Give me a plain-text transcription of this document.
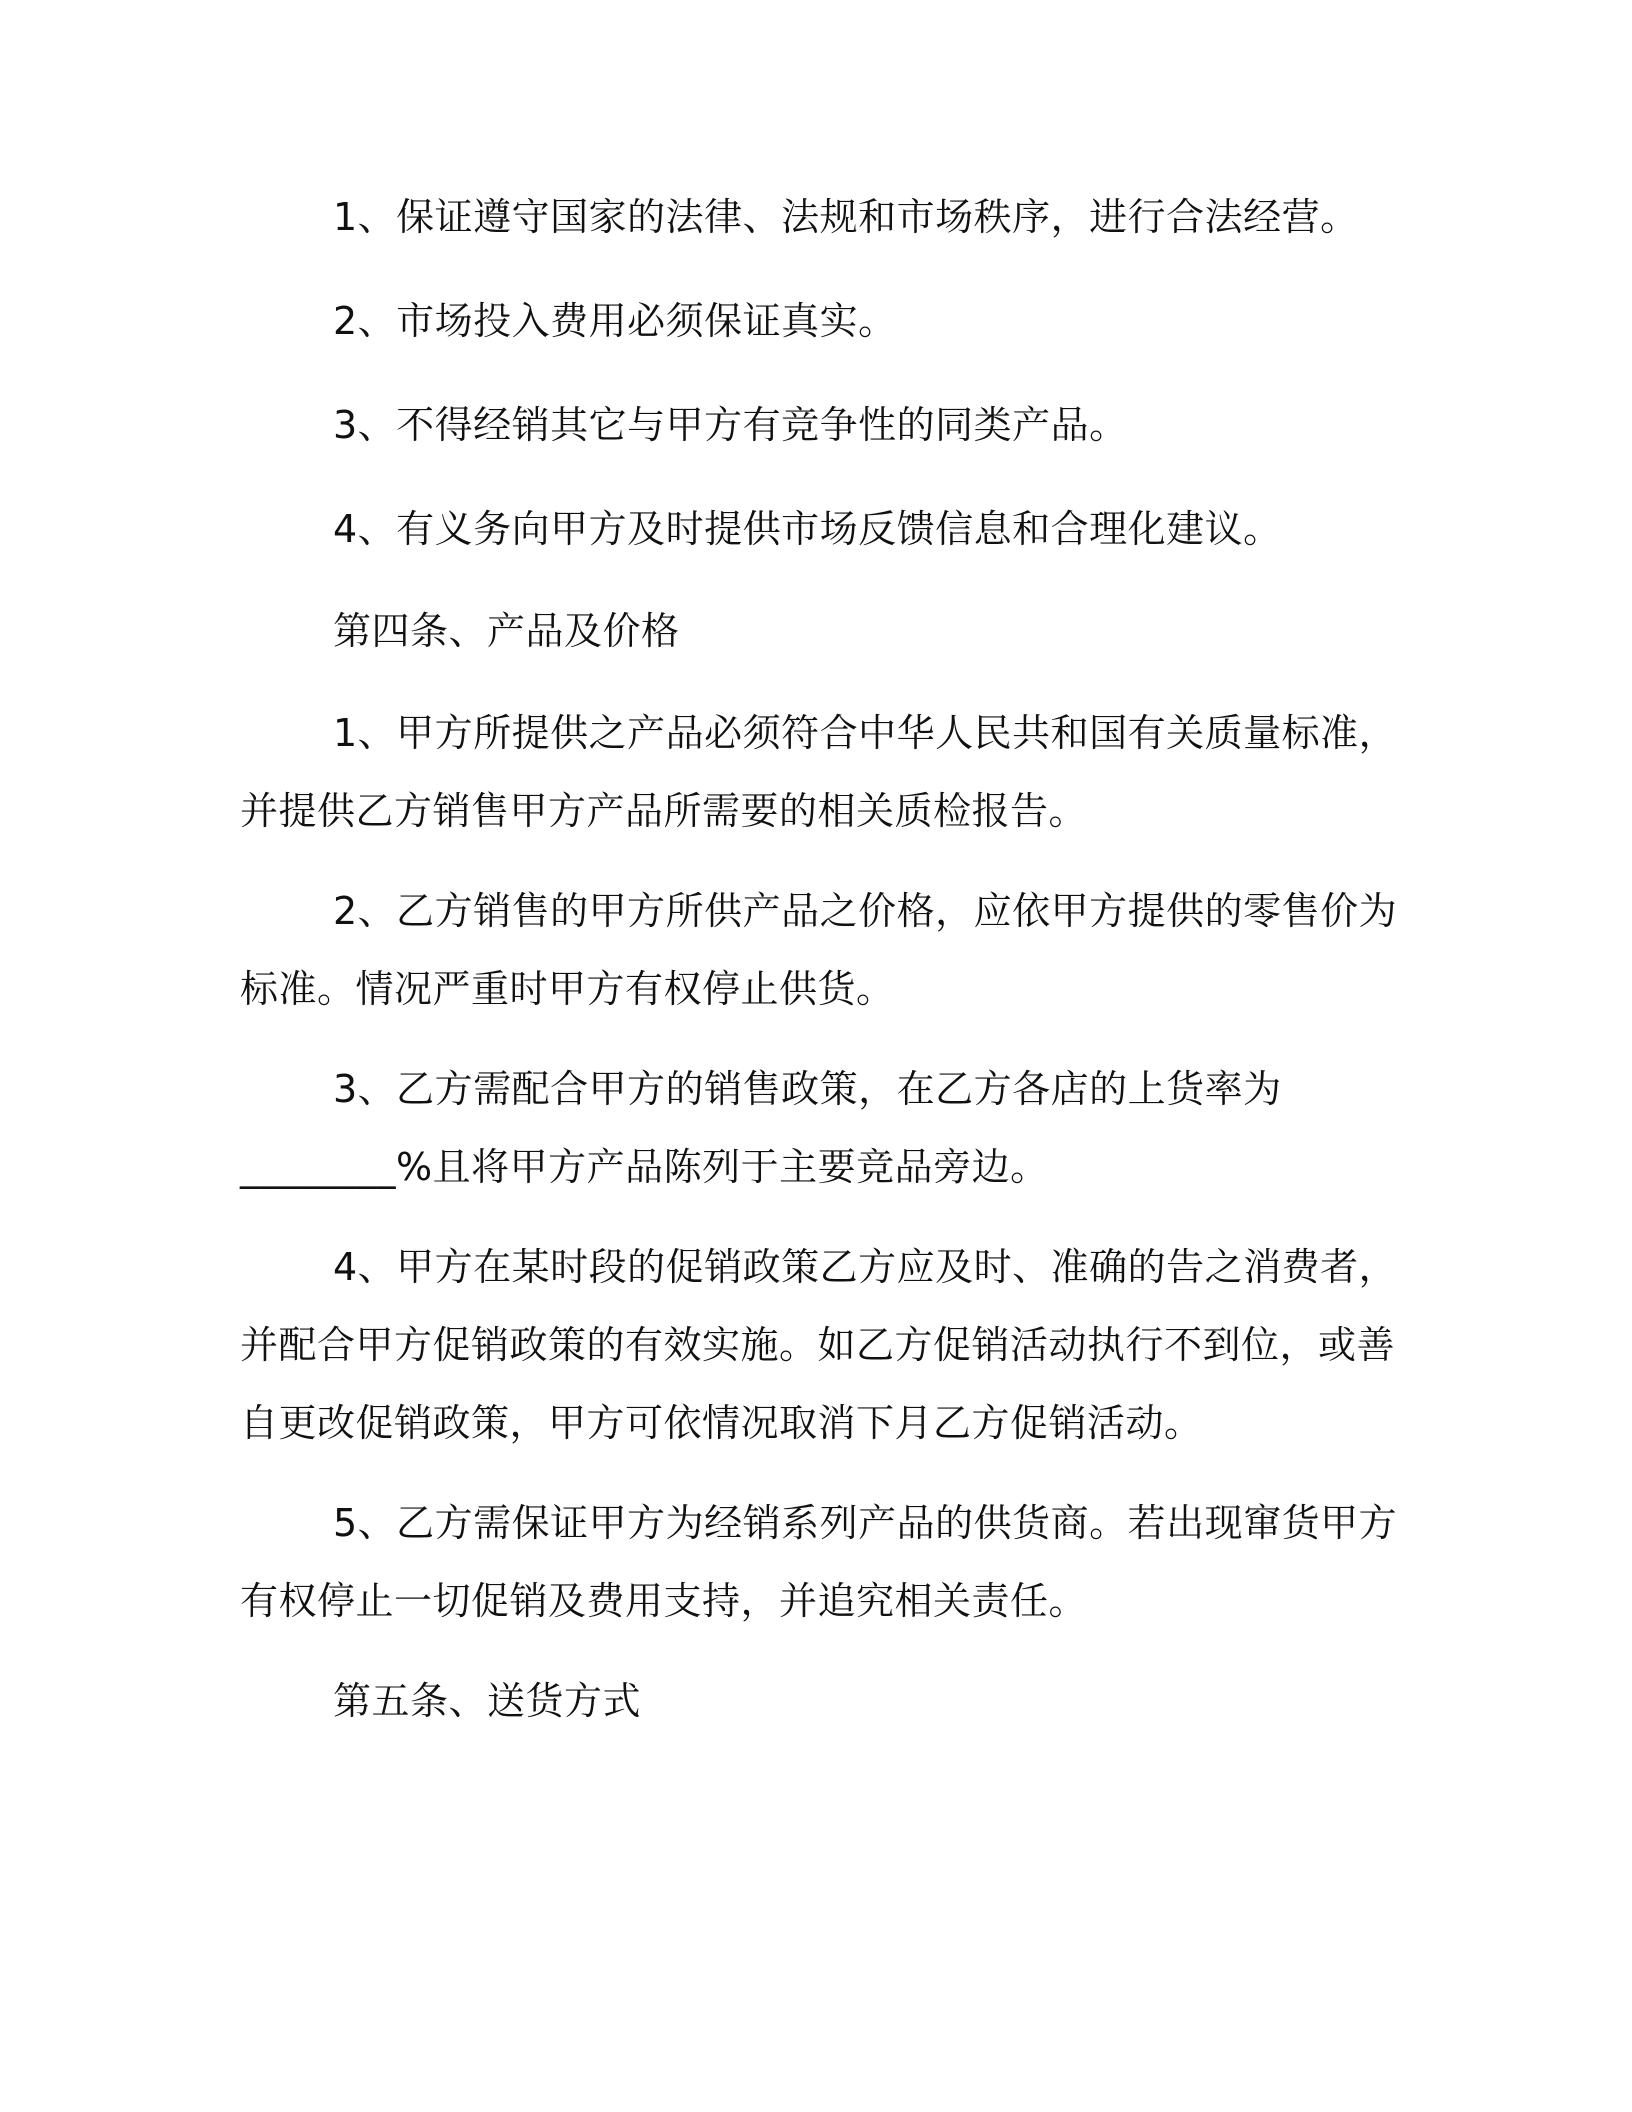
1、保证遵守国家的法律、法规和市场秩序，进行合法经营。
2、市场投入费用必须保证真实。
3、不得经销其它与甲方有竞争性的同类产品。
4、有义务向甲方及时提供市场反馈信息和合理化建议。
第四条、产品及价格
1、甲方所提供之产品必须符合中华人民共和国有关质量标准，
并提供乙方销售甲方产品所需要的相关质检报告。
2、乙方销售的甲方所供产品之价格，应依甲方提供的零售价为
标准。情况严重时甲方有权停止供货。
3、乙方需配合甲方的销售政策，在乙方各店的上货率为
________%且将甲方产品陈列于主要竞品旁边。
4、甲方在某时段的促销政策乙方应及时、准确的告之消费者，
并配合甲方促销政策的有效实施。如乙方促销活动执行不到位，或善
自更改促销政策，甲方可依情况取消下月乙方促销活动。
5、乙方需保证甲方为经销系列产品的供货商。若出现窜货甲方
有权停止一切促销及费用支持，并追究相关责任。
第五条、送货方式
